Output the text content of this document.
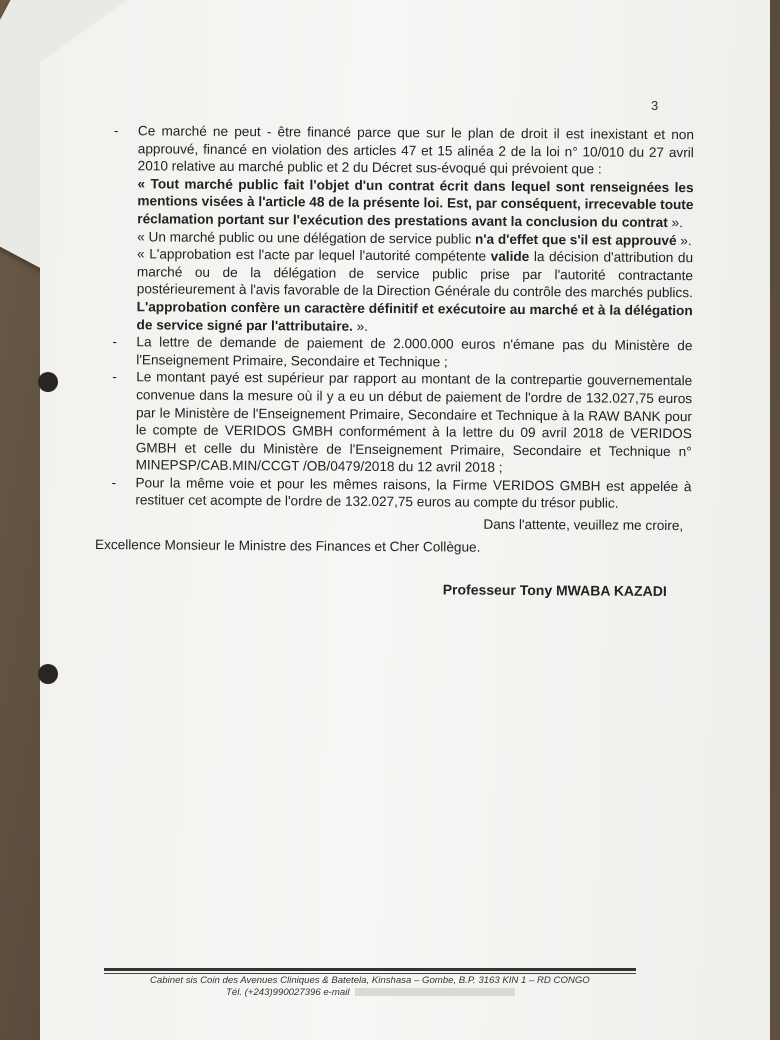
3

- Ce marché ne peut - être financé parce que sur le plan de droit il est inexistant et non approuvé, financé en violation des articles 47 et 15 alinéa 2 de la loi n° 10/010 du 27 avril 2010 relative au marché public et 2 du Décret sus-évoqué qui prévoient que :

« Tout marché public fait l'objet d'un contrat écrit dans lequel sont renseignées les mentions visées à l'article 48 de la présente loi. Est, par conséquent, irrecevable toute réclamation portant sur l'exécution des prestations avant la conclusion du contrat ».

« Un marché public ou une délégation de service public n'a d'effet que s'il est approuvé ».

« L'approbation est l'acte par lequel l'autorité compétente valide la décision d'attribution du marché ou de la délégation de service public prise par l'autorité contractante postérieurement à l'avis favorable de la Direction Générale du contrôle des marchés publics. L'approbation confère un caractère définitif et exécutoire au marché et à la délégation de service signé par l'attributaire. ».

- La lettre de demande de paiement de 2.000.000 euros n'émane pas du Ministère de l'Enseignement Primaire, Secondaire et Technique ;

- Le montant payé est supérieur par rapport au montant de la contrepartie gouvernementale convenue dans la mesure où il y a eu un début de paiement de l'ordre de 132.027,75 euros par le Ministère de l'Enseignement Primaire, Secondaire et Technique à la RAW BANK pour le compte de VERIDOS GMBH conformément à la lettre du 09 avril 2018 de VERIDOS GMBH et celle du Ministère de l'Enseignement Primaire, Secondaire et Technique n° MINEPSP/CAB.MIN/CCGT /OB/0479/2018 du 12 avril 2018 ;

- Pour la même voie et pour les mêmes raisons, la Firme VERIDOS GMBH est appelée à restituer cet acompte de l'ordre de 132.027,75 euros au compte du trésor public.

Dans l'attente, veuillez me croire,

Excellence Monsieur le Ministre des Finances et Cher Collègue.

Professeur Tony MWABA KAZADI

Cabinet sis Coin des Avenues Cliniques & Batetela, Kinshasa – Gombe, B.P. 3163 KIN 1 – RD CONGO
Tél. (+243)990027396 e-mail
